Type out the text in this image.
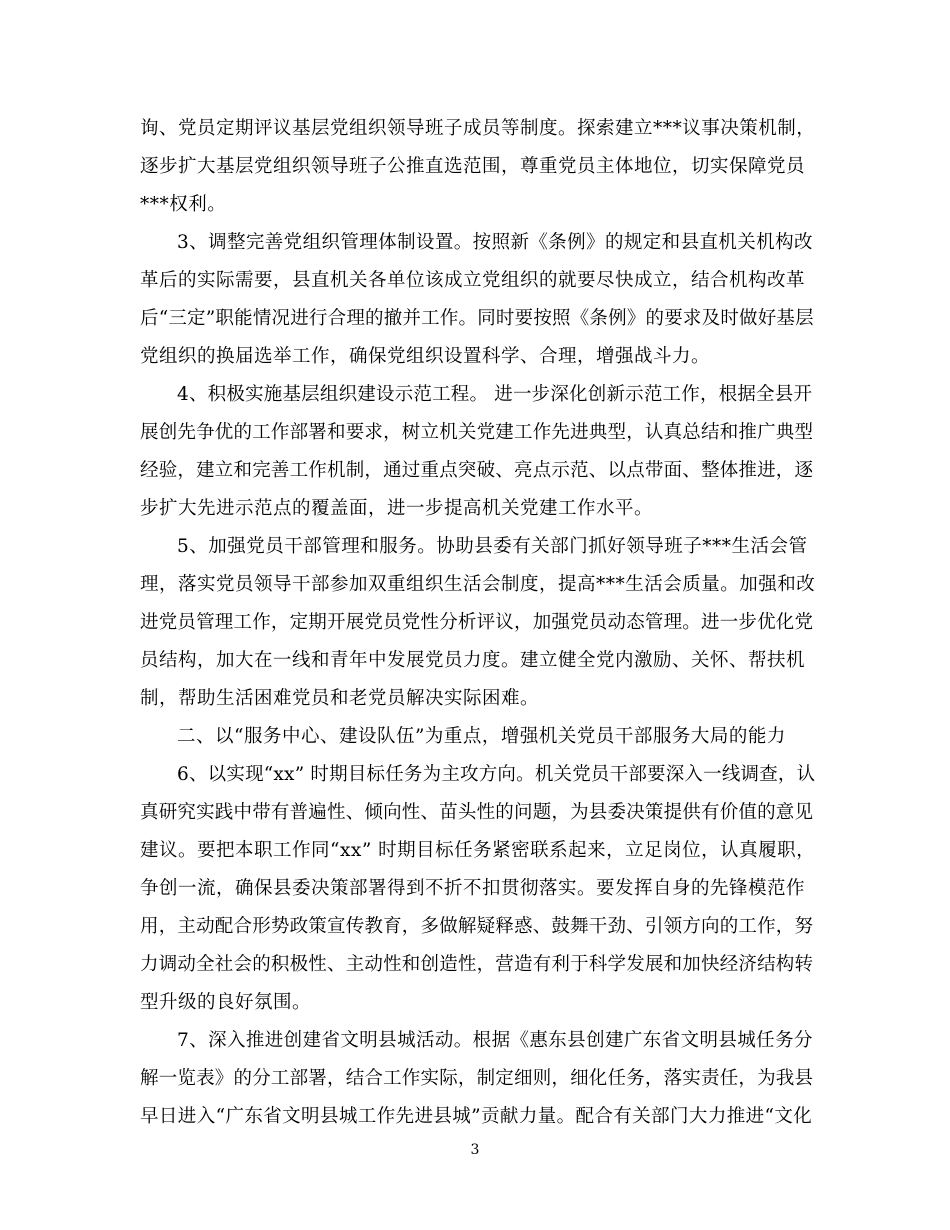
询、党员定期评议基层党组织领导班子成员等制度。探索建立***议事决策机制，
逐步扩大基层党组织领导班子公推直选范围，尊重党员主体地位，切实保障党员
***权利。
3、调整完善党组织管理体制设置。按照新《条例》的规定和县直机关机构改
革后的实际需要，县直机关各单位该成立党组织的就要尽快成立，结合机构改革
后“三定”职能情况进行合理的撤并工作。同时要按照《条例》的要求及时做好基层
党组织的换届选举工作，确保党组织设置科学、合理，增强战斗力。
4、积极实施基层组织建设示范工程。 进一步深化创新示范工作，根据全县开
展创先争优的工作部署和要求，树立机关党建工作先进典型，认真总结和推广典型
经验，建立和完善工作机制，通过重点突破、亮点示范、以点带面、整体推进，逐
步扩大先进示范点的覆盖面，进一步提高机关党建工作水平。
5、加强党员干部管理和服务。协助县委有关部门抓好领导班子***生活会管
理，落实党员领导干部参加双重组织生活会制度，提高***生活会质量。加强和改
进党员管理工作，定期开展党员党性分析评议，加强党员动态管理。进一步优化党
员结构，加大在一线和青年中发展党员力度。建立健全党内激励、关怀、帮扶机
制，帮助生活困难党员和老党员解决实际困难。
二、以“服务中心、建设队伍”为重点，增强机关党员干部服务大局的能力
6、以实现“xx” 时期目标任务为主攻方向。机关党员干部要深入一线调查，认
真研究实践中带有普遍性、倾向性、苗头性的问题，为县委决策提供有价值的意见
建议。要把本职工作同“xx” 时期目标任务紧密联系起来，立足岗位，认真履职，
争创一流，确保县委决策部署得到不折不扣贯彻落实。要发挥自身的先锋模范作
用，主动配合形势政策宣传教育，多做解疑释惑、鼓舞干劲、引领方向的工作，努
力调动全社会的积极性、主动性和创造性，营造有利于科学发展和加快经济结构转
型升级的良好氛围。
7、深入推进创建省文明县城活动。根据《惠东县创建广东省文明县城任务分
解一览表》的分工部署，结合工作实际，制定细则，细化任务，落实责任，为我县
早日进入“广东省文明县城工作先进县城”贡献力量。配合有关部门大力推进“文化
3
